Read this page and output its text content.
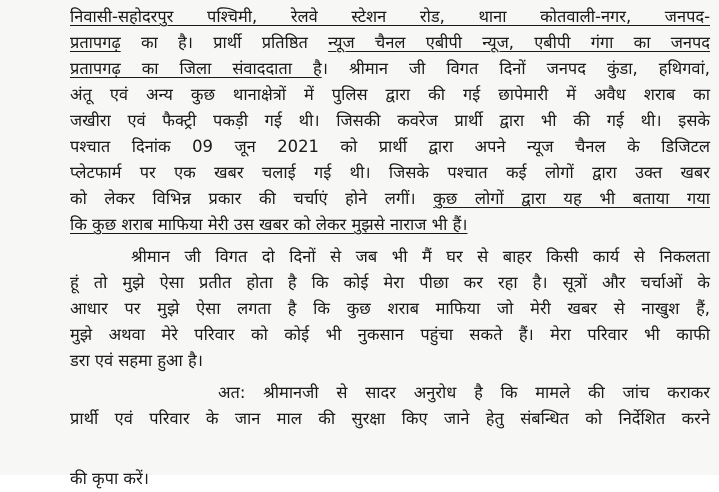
निवासी-सहोदरपुर पश्चिमी, रेलवे स्टेशन रोड, थाना कोतवाली-नगर, जनपद-
प्रतापगढ़ का है। प्रार्थी प्रतिष्ठित न्यूज चैनल एबीपी न्यूज, एबीपी गंगा का जनपद
प्रतापगढ़ का जिला संवाददाता है। श्रीमान जी विगत दिनों जनपद कुंडा, हथिगवां,
अंतू एवं अन्य कुछ थानाक्षेत्रों में पुलिस द्वारा की गई छापेमारी में अवैध शराब का
जखीरा एवं फैक्ट्री पकड़ी गई थी। जिसकी कवरेज प्रार्थी द्वारा भी की गई थी। इसके
पश्चात दिनांक 09 जून 2021 को प्रार्थी द्वारा अपने न्यूज चैनल के डिजिटल
प्लेटफार्म पर एक खबर चलाई गई थी। जिसके पश्चात कई लोगों द्वारा उक्त खबर
को लेकर विभिन्न प्रकार की चर्चाएं होने लगीं। कुछ लोगों द्वारा यह भी बताया गया
कि कुछ शराब माफिया मेरी उस खबर को लेकर मुझसे नाराज भी हैं।
श्रीमान जी विगत दो दिनों से जब भी मैं घर से बाहर किसी कार्य से निकलता
हूं तो मुझे ऐसा प्रतीत होता है कि कोई मेरा पीछा कर रहा है। सूत्रों और चर्चाओं के
आधार पर मुझे ऐसा लगता है कि कुछ शराब माफिया जो मेरी खबर से नाखुश हैं,
मुझे अथवा मेरे परिवार को कोई भी नुकसान पहुंचा सकते हैं। मेरा परिवार भी काफी
डरा एवं सहमा हुआ है।
अत: श्रीमानजी से सादर अनुरोध है कि मामले की जांच कराकर
प्रार्थी एवं परिवार के जान माल की सुरक्षा किए जाने हेतु संबन्धित को निर्देशित करने
की कृपा करें।
